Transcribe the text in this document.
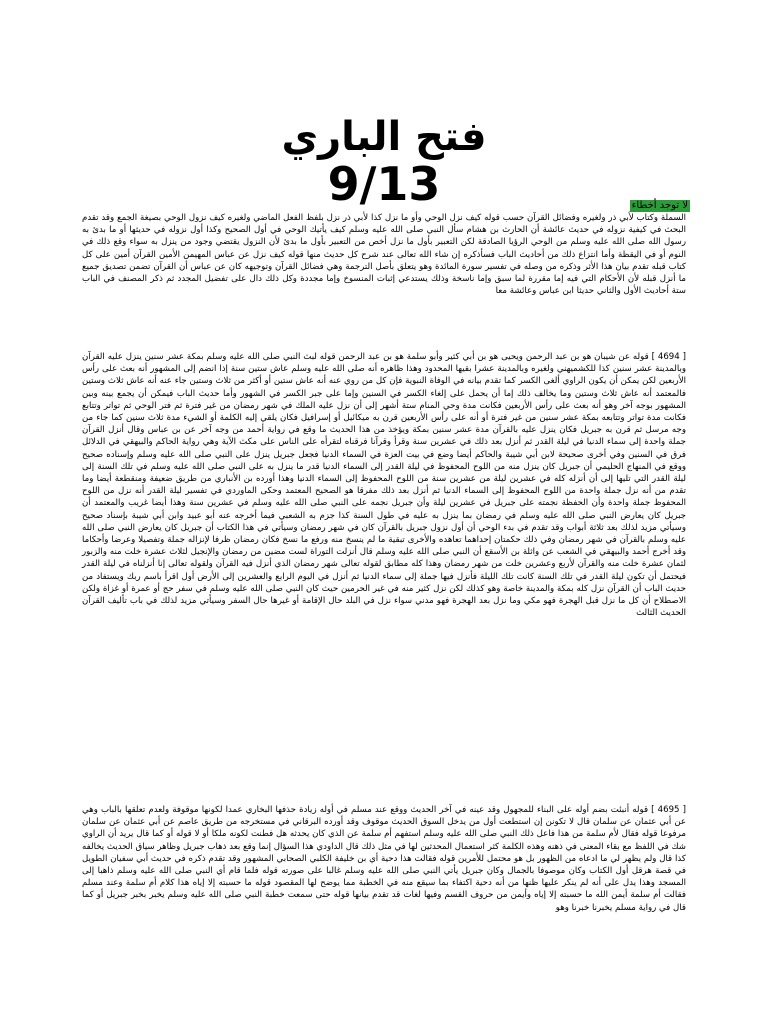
فتح الباري
9/13	لا توجد أخطاء

السملة وكتاب لأبي ذر ولغيره وفضائل القرآن حسب قوله كيف نزل الوحي وأو ما نزل كذا لأبي ذر نزل بلفظ الفعل الماضي ولغيره كيف نزول الوحي بصيغة الجمع وقد تقدم البحث في كيفية نزوله في حديث عائشة أن الحارث بن هشام سأل النبي صلى الله عليه وسلم كيف يأتيك الوحي في أول الصحيح وكذا أول نزوله في حديثها أو ما بدئ به رسول الله صلى الله عليه وسلم من الوحي الرؤيا الصادقة لكن التعبير بأول ما نزل أخص من التعبير بأول ما بدئ لأن النزول يقتضي وجود من ينزل به سواء وقع ذلك في النوم أو في اليقظة وأما انتزاع ذلك من أحاديث الباب فسأذكره إن شاء الله تعالى عند شرح كل حديث منها قوله كيف نزل عن عباس المهيمن الأمين القرآن أمين على كل كتاب قبله تقدم بيان هذا الأثر وذكره من وصله في تفسير سورة المائدة وهو يتعلق بأصل الترجمة وهي فضائل القرآن وتوجيهه كان عن عباس أن القرآن تضمن تصديق جميع ما أنزل قبله لأن الأحكام التي فيه إما مقررة لما سبق وإما ناسخة وذلك يستدعي إثبات المنسوخ وإما مجددة وكل ذلك دال على تفضيل المجدد ثم ذكر المصنف في الباب ستة أحاديث الأول والثاني حديثا ابن عباس وعائشة معا

[ 4694 ] قوله عن شيبان هو بن عبد الرحمن ويحيى هو بن أبي كثير وأبو سلمة هو بن عبد الرحمن قوله لبث النبي صلى الله عليه وسلم بمكة عشر سنين ينزل عليه القرآن وبالمدينة عشر سنين كذا للكشميهني ولغيره وبالمدينة عشرا بقيها المحدود وهذا ظاهره أنه صلى الله عليه وسلم عاش ستين سنة إذا انضم إلى المشهور أنه بعث على رأس الأربعين لكن يمكن أن يكون الراوي ألغى الكسر كما تقدم بيانه في الوفاة النبوية فإن كل من روي عنه أنه عاش ستين أو أكثر من ثلاث وستين جاء عنه أنه عاش ثلاث وستين فالمعتمد أنه عاش ثلاث وستين وما يخالف ذلك إما أن يحمل على إلغاء الكسر في السنين وإما على جبر الكسر في الشهور وأما حديث الباب فيمكن أن يجمع بينه وبين المشهور بوجه آخر وهو أنه بعث على رأس الأربعين فكانت مدة وحي المنام ستة أشهر إلى أن نزل عليه الملك في شهر رمضان من غير فترة ثم فتر الوحي ثم تواتر وتتابع فكانت مدة تواتر وتتابعه بمكة عشر سنين من غير فترة أو أنه على رأس الأربعين قرن به ميكائيل أو إسرافيل فكان يلقي إليه الكلمة أو الشيء مدة ثلاث سنين كما جاء من وجه مرسل ثم قرن به جبريل فكان ينزل عليه بالقرآن مدة عشر سنين بمكة ويؤخذ من هذا الحديث ما وقع في رواية أحمد من وجه آخر عن بن عباس وقال أنزل القرآن جملة واحدة إلى سماء الدنيا في ليلة القدر ثم أنزل بعد ذلك في عشرين سنة وقرأ وقرآنا فرقناه لتقرأه على الناس على مكث الآية وهي رواية الحاكم والبيهقي في الدلائل فرق في السنين وفي أخرى صحيحة لابن أبي شيبة والحاكم أيضا وضع في بيت العزة في السماء الدنيا فجعل جبريل ينزل على النبي صلى الله عليه وسلم وإسناده صحيح ووقع في المنهاج الحليمي أن جبريل كان ينزل منه من اللوح المحفوظ في ليلة القدر إلى السماء الدنيا قدر ما ينزل به على النبي صلى الله عليه وسلم في تلك السنة إلى ليلة القدر التي تليها إلى أن أنزله كله في عشرين ليلة من عشرين سنة من اللوح المحفوظ إلى السماء الدنيا وهذا أورده بن الأنباري من طريق ضعيفة ومنقطعة أيضا وما تقدم من أنه نزل جملة واحدة من اللوح المحفوظ إلى السماء الدنيا ثم أنزل بعد ذلك مفرقا هو الصحيح المعتمد وحكى الماوردي في تفسير ليلة القدر أنه نزل من اللوح المحفوظ جملة واحدة وأن الحفظة نجمته على جبريل في عشرين ليلة وأن جبريل نجمه على النبي صلى الله عليه وسلم في عشرين سنة وهذا أيضا غريب والمعتمد أن جبريل كان يعارض النبي صلى الله عليه وسلم في رمضان بما ينزل به عليه في طول السنة كذا جزم به الشعبي فيما أخرجه عنه أبو عبيد وابن أبي شيبة بإسناد صحيح وسيأتي مزيد لذلك بعد ثلاثة أبواب وقد تقدم في بدء الوحي أن أول نزول جبريل بالقرآن كان في شهر رمضان وسيأتي في هذا الكتاب أن جبريل كان يعارض النبي صلى الله عليه وسلم بالقرآن في شهر رمضان وفي ذلك حكمتان إحداهما تعاهده والأخرى تبقية ما لم ينسخ منه ورفع ما نسخ فكان رمضان ظرفا لإنزاله جملة وتفصيلا وعرضا وأحكاما وقد أخرج أحمد والبيهقي في الشعب عن واثلة بن الأسقع أن النبي صلى الله عليه وسلم قال أنزلت التوراة لست مضين من رمضان والإنجيل لثلاث عشرة خلت منه والزبور لثمان عشرة خلت منه والقرآن لأربع وعشرين خلت من شهر رمضان وهذا كله مطابق لقوله تعالى شهر رمضان الذي أنزل فيه القرآن ولقوله تعالى إنا أنزلناه في ليلة القدر فيحتمل أن تكون ليلة القدر في تلك السنة كانت تلك الليلة فأنزل فيها جملة إلى سماء الدنيا ثم أنزل في اليوم الرابع والعشرين إلى الأرض أول اقرأ باسم ربك ويستفاد من حديث الباب أن القرآن نزل كله بمكة والمدينة خاصة وهو كذلك لكن نزل كثير منه في غير الحرمين حيث كان النبي صلى الله عليه وسلم في سفر حج أو عمرة أو غزاة ولكن الاصطلاح أن كل ما نزل قبل الهجرة فهو مكي وما نزل بعد الهجرة فهو مدني سواء نزل في البلد حال الإقامة أو غيرها حال السفر وسيأتي مزيد لذلك في باب تأليف القرآن الحديث الثالث

[ 4695 ] قوله أنبئت بضم أوله على البناء للمجهول وقد عينه في آخر الحديث ووقع عند مسلم في أوله زيادة حذفها البخاري عمدا لكونها موقوفة ولعدم تعلقها بالباب وهي عن أبي عثمان عن سلمان قال لا تكونن إن استطعت أول من يدخل السوق الحديث موقوف وقد أورده البرقاني في مستخرجه من طريق عاصم عن أبي عثمان عن سلمان مرفوعا قوله فقال لأم سلمة من هذا فاعل ذلك النبي صلى الله عليه وسلم استفهم أم سلمة عن الذي كان يحدثه هل فطنت لكونه ملكا أو لا قوله أو كما قال يريد أن الراوي شك في اللفظ مع بقاء المعنى في ذهنه وهذه الكلمة كثر استعمال المحدثين لها في مثل ذلك قال الداودي هذا السؤال إنما وقع بعد ذهاب جبريل وظاهر سياق الحديث يخالفه كذا قال ولم يظهر لي ما ادعاه من الظهور بل هو محتمل للأمرين قوله فقالت هذا دحية أي بن خليفة الكلبي الصحابي المشهور وقد تقدم ذكره في حديث أبي سفيان الطويل في قصة هرقل أول الكتاب وكان موصوفا بالجمال وكان جبريل يأتي النبي صلى الله عليه وسلم غالبا على صورته قوله فلما قام أي النبي صلى الله عليه وسلم ذاهبا إلى المسجد وهذا يدل على أنه لم ينكر عليها ظنها من أنه دحية اكتفاء بما سيقع منه في الخطبة مما يوضح لها المقصود قوله ما حسبته إلا إياه هذا كلام أم سلمة وعند مسلم فقالت أم سلمة أيمن الله ما حسبته إلا إياه وأيمن من حروف القسم وفيها لغات قد تقدم بيانها قوله حتى سمعت خطبة النبي صلى الله عليه وسلم يخبر بخبر جبريل أو كما قال في رواية مسلم يخبرنا خبرنا وهو
